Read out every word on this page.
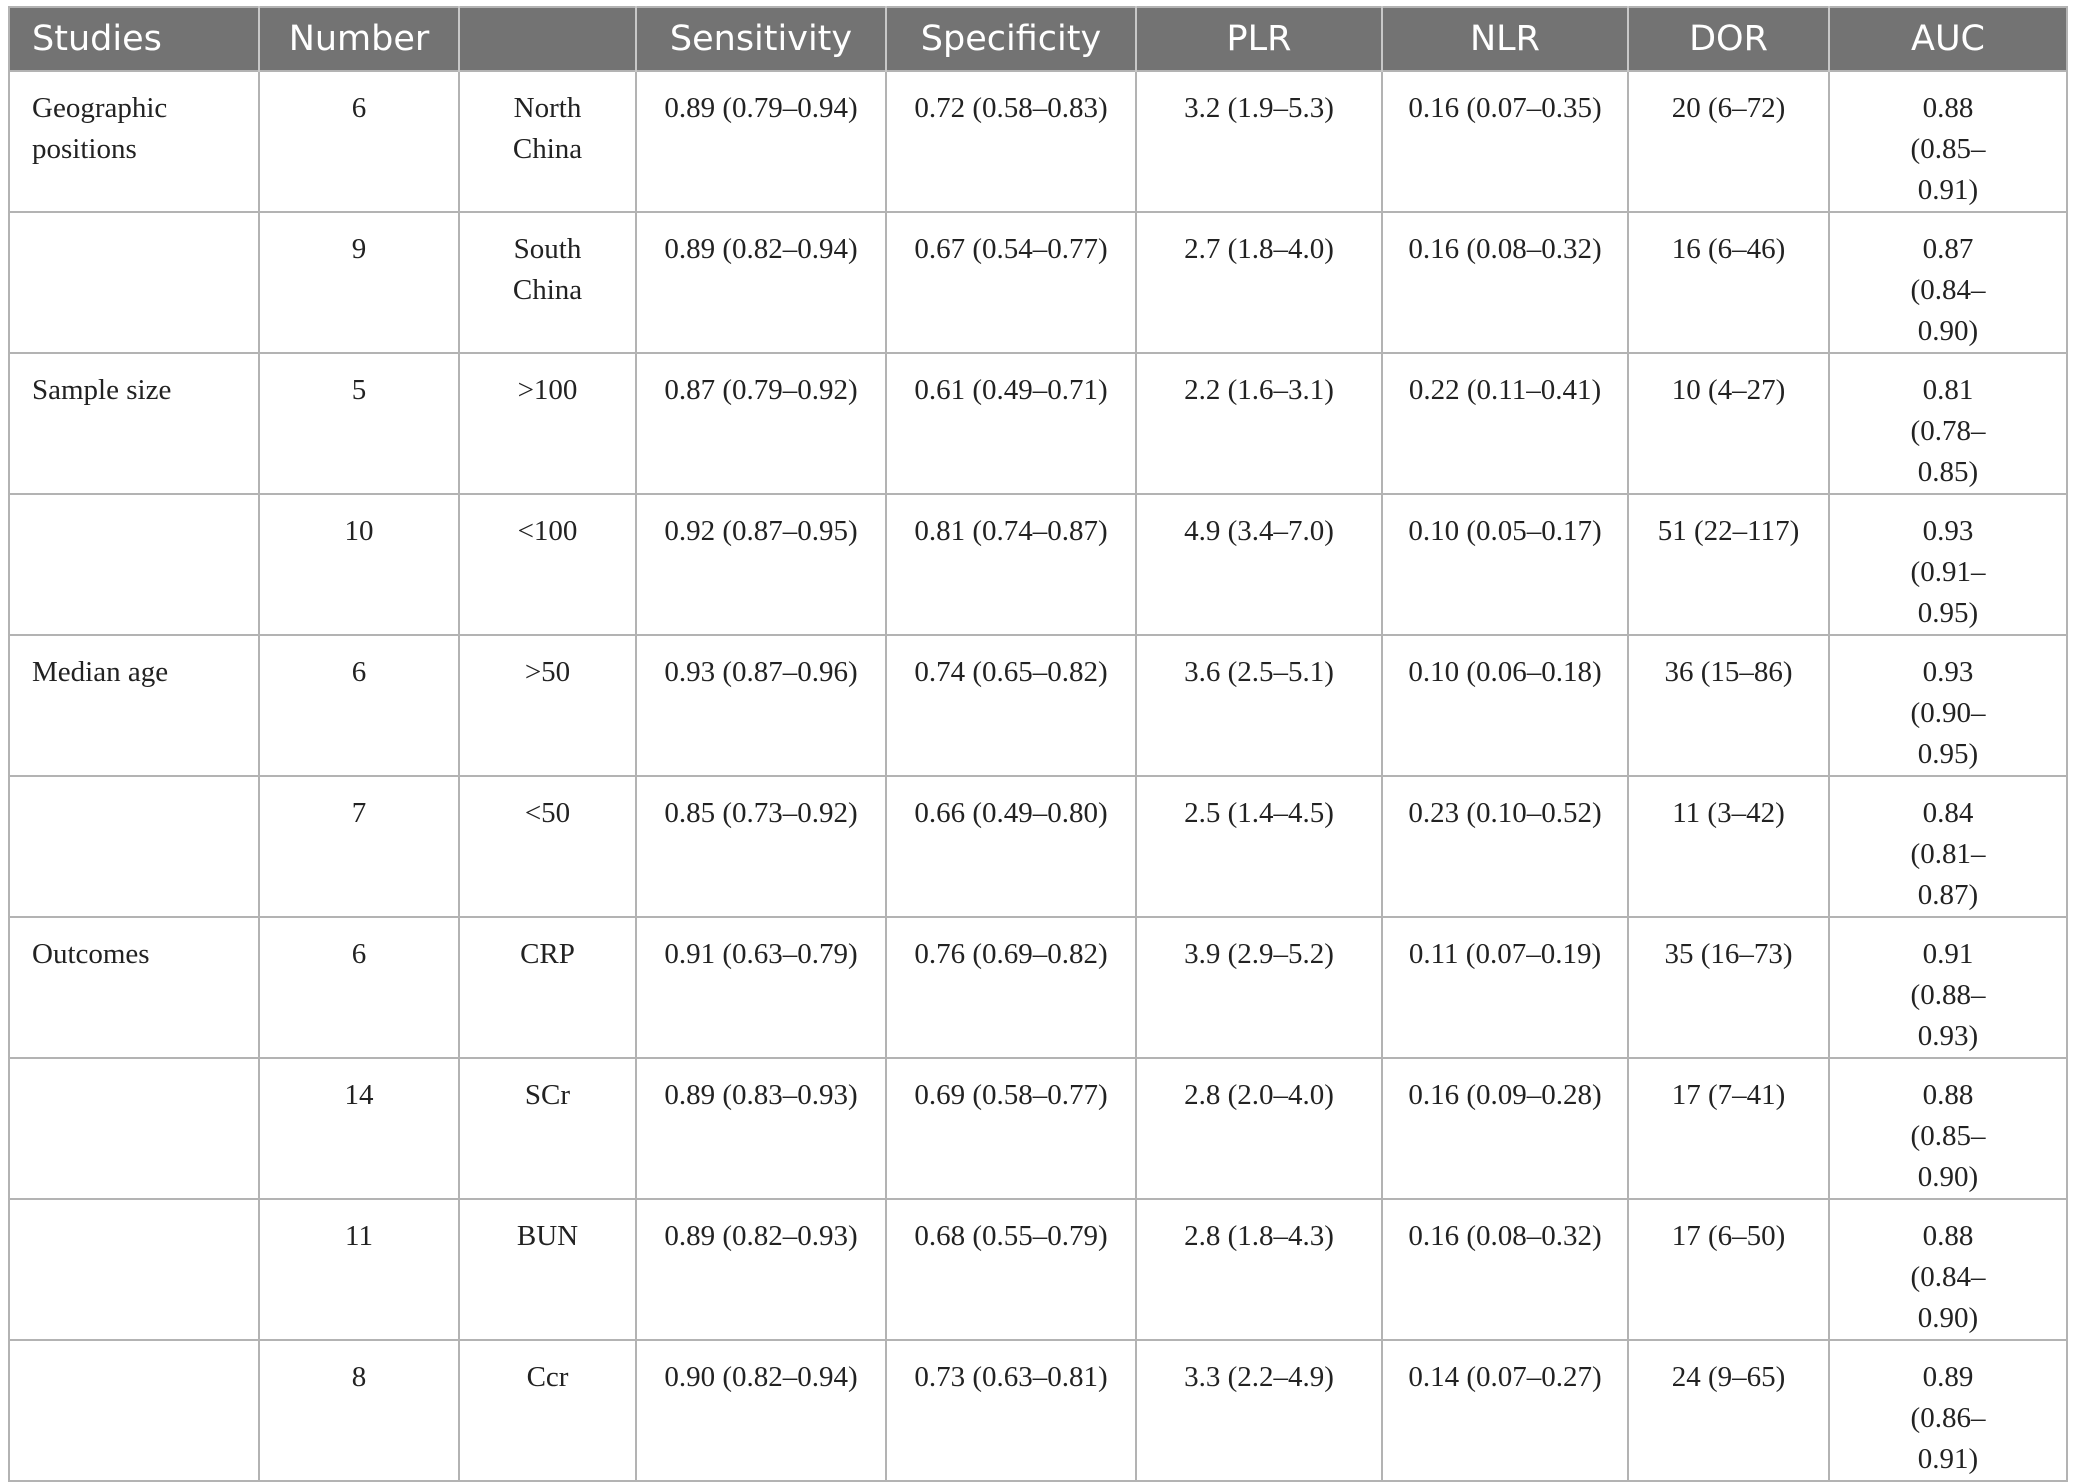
Studies	Number		Sensitivity	Specificity	PLR	NLR	DOR	AUC
Geographic positions	6	North China	0.89 (0.79–0.94)	0.72 (0.58–0.83)	3.2 (1.9–5.3)	0.16 (0.07–0.35)	20 (6–72)	0.88 (0.85–0.91)
	9	South China	0.89 (0.82–0.94)	0.67 (0.54–0.77)	2.7 (1.8–4.0)	0.16 (0.08–0.32)	16 (6–46)	0.87 (0.84–0.90)
Sample size	5	>100	0.87 (0.79–0.92)	0.61 (0.49–0.71)	2.2 (1.6–3.1)	0.22 (0.11–0.41)	10 (4–27)	0.81 (0.78–0.85)
	10	<100	0.92 (0.87–0.95)	0.81 (0.74–0.87)	4.9 (3.4–7.0)	0.10 (0.05–0.17)	51 (22–117)	0.93 (0.91–0.95)
Median age	6	>50	0.93 (0.87–0.96)	0.74 (0.65–0.82)	3.6 (2.5–5.1)	0.10 (0.06–0.18)	36 (15–86)	0.93 (0.90–0.95)
	7	<50	0.85 (0.73–0.92)	0.66 (0.49–0.80)	2.5 (1.4–4.5)	0.23 (0.10–0.52)	11 (3–42)	0.84 (0.81–0.87)
Outcomes	6	CRP	0.91 (0.63–0.79)	0.76 (0.69–0.82)	3.9 (2.9–5.2)	0.11 (0.07–0.19)	35 (16–73)	0.91 (0.88–0.93)
	14	SCr	0.89 (0.83–0.93)	0.69 (0.58–0.77)	2.8 (2.0–4.0)	0.16 (0.09–0.28)	17 (7–41)	0.88 (0.85–0.90)
	11	BUN	0.89 (0.82–0.93)	0.68 (0.55–0.79)	2.8 (1.8–4.3)	0.16 (0.08–0.32)	17 (6–50)	0.88 (0.84–0.90)
	8	Ccr	0.90 (0.82–0.94)	0.73 (0.63–0.81)	3.3 (2.2–4.9)	0.14 (0.07–0.27)	24 (9–65)	0.89 (0.86–0.91)
